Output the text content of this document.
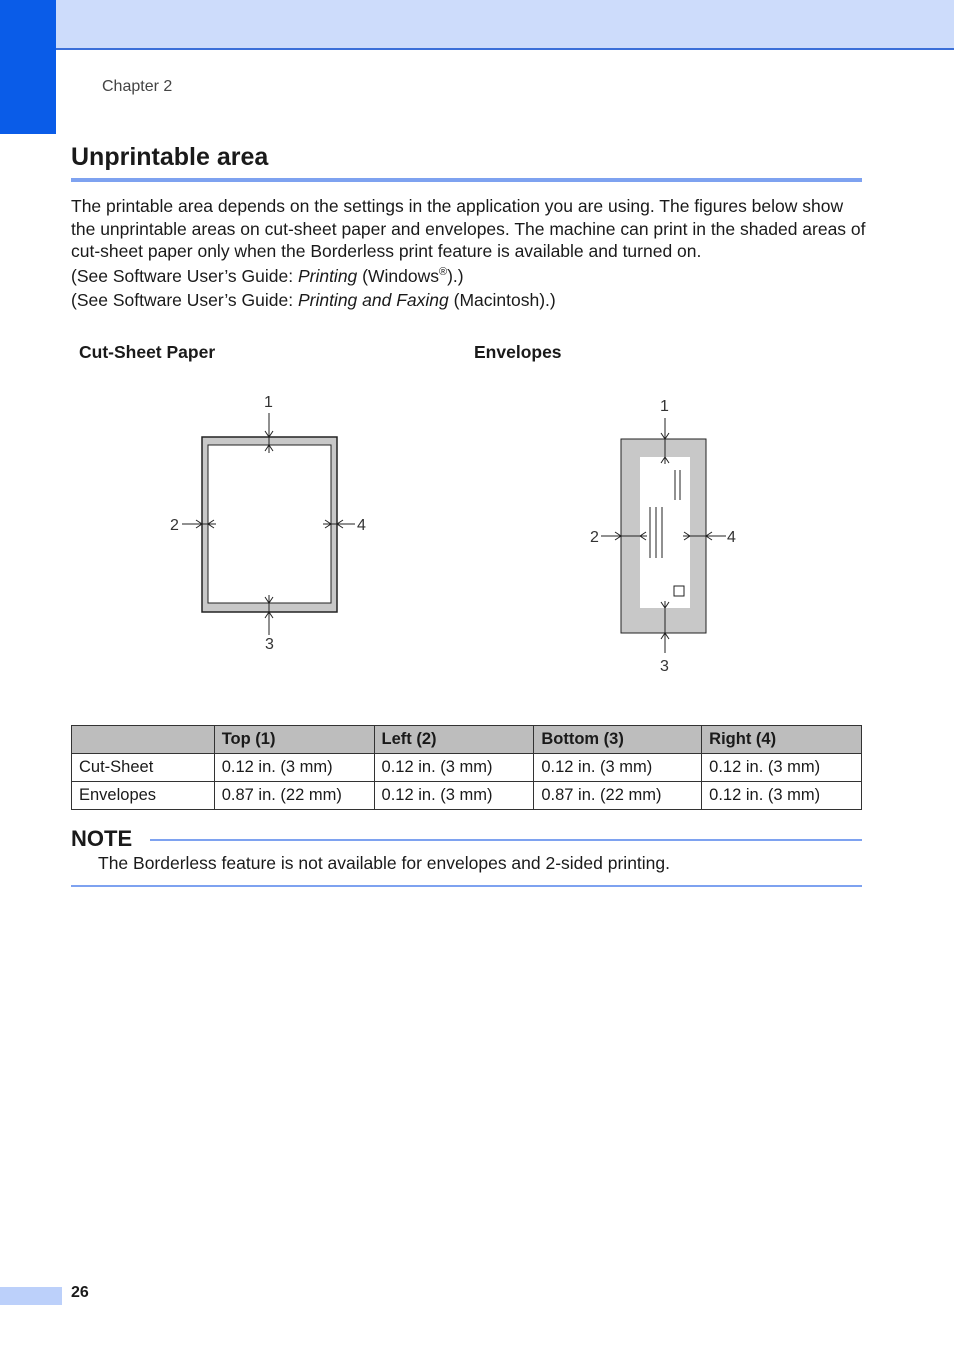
Chapter 2
Unprintable area

The printable area depends on the settings in the application you are using. The figures below show the unprintable areas on cut-sheet paper and envelopes. The machine can print in the shaded areas of cut-sheet paper only when the Borderless print feature is available and turned on.

(See Software User’s Guide: Printing (Windows®).)

(See Software User’s Guide: Printing and Faxing (Macintosh).)

Cut-Sheet Paper	Envelopes
1
2
3
4
1
2
3
4
	Top (1)	Left (2)	Bottom (3)	Right (4)
Cut-Sheet	0.12 in. (3 mm)	0.12 in. (3 mm)	0.12 in. (3 mm)	0.12 in. (3 mm)
Envelopes	0.87 in. (22 mm)	0.12 in. (3 mm)	0.87 in. (22 mm)	0.12 in. (3 mm)
NOTE

The Borderless feature is not available for envelopes and 2-sided printing.

26
